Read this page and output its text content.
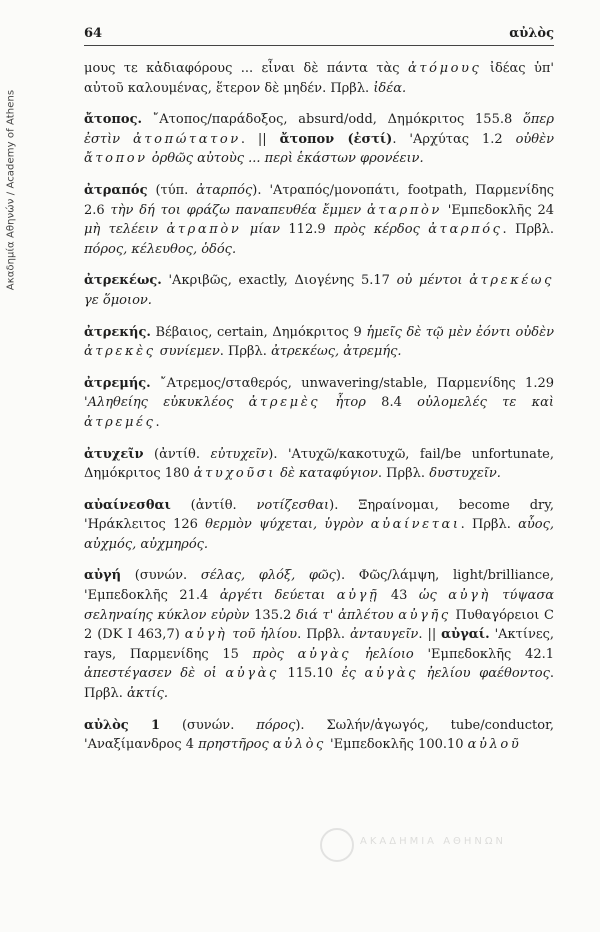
Ακαδημία Αθηνών / Academy of Athens
64	αὐλὸς

μους τε κἀδιαφόρους ... εἶναι δὲ πάντα τὰς ἀτόμους ἰδέας ὑπ' αὐτοῦ καλουμένας, ἕτερον δὲ μηδέν. Πρβλ. ἰδέα.

ἄτοπος. ῎Ατοπος/παράδοξος, absurd/odd, Δημόκριτος 155.8 ὅπερ ἐστὶν ἀτοπώτατον. || ἄτοπον (ἐστί). 'Αρχύτας 1.2 οὐθὲν ἄτοπον ὀρθῶς αὐτοὺς ... περὶ ἑκάστων φρονέειν.

ἀτραπός (τύπ. ἀταρπός). 'Ατραπός/μονοπάτι, footpath, Παρμενίδης 2.6 τὴν δή τοι φράζω παναπευθέα ἔμμεν ἀταρπὸν 'Εμπεδοκλῆς 24 μὴ τελέειν ἀτραπὸν μίαν 112.9 πρὸς κέρδος ἀταρπός. Πρβλ. πόρος, κέλευθος, ὁδός.

ἀτρεκέως. 'Ακριβῶς, exactly, Διογένης 5.17 οὐ μέντοι ἀτρεκέως γε ὅμοιον.

ἀτρεκής. Βέβαιος, certain, Δημόκριτος 9 ἡμεῖς δὲ τῷ μὲν ἐόντι οὐδὲν ἀτρεκὲς συνίεμεν. Πρβλ. ἀτρεκέως, ἀτρεμής.

ἀτρεμής. ῎Ατρεμος/σταθερός, unwavering/stable, Παρμενίδης 1.29 'Αληθείης εὐκυκλέος ἀτρεμὲς ἦτορ 8.4 οὐλομελές τε καὶ ἀτρεμές.

ἀτυχεῖν (ἀντίθ. εὐτυχεῖν). 'Ατυχῶ/κακοτυχῶ, fail/be unfortunate, Δημόκριτος 180 ἀτυχοῦσι δὲ καταφύγιον. Πρβλ. δυστυχεῖν.

αὐαίνεσθαι (ἀντίθ. νοτίζεσθαι). Ξηραίνομαι, become dry, 'Ηράκλειτος 126 θερμὸν ψύχεται, ὑγρὸν αὐαίνεται. Πρβλ. αὖος, αὐχμός, αὐχμηρός.

αὐγή (συνών. σέλας, φλόξ, φῶς). Φῶς/λάμψη, light/brilliance, 'Εμπεδοκλῆς 21.4 ἀργέτι δεύεται αὐγῇ 43 ὡς αὐγὴ τύψασα σεληναίης κύκλον εὐρὺν 135.2 διά τ' ἀπλέτου αὐγῆς Πυθαγόρειοι C 2 (DK I 463,7) αὐγὴ τοῦ ἡλίου. Πρβλ. ἀνταυγεῖν. || αὐγαί. 'Ακτίνες, rays, Παρμενίδης 15 πρὸς αὐγὰς ἠελίοιο 'Εμπεδοκλῆς 42.1 ἀπεστέγασεν δὲ οἱ αὐγὰς 115.10 ἐς αὐγὰς ἠελίου φαέθοντος. Πρβλ. ἀκτίς.

αὐλὸς 1 (συνών. πόρος). Σωλήν/ἀγωγός, tube/conductor, 'Αναξίμανδρος 4 πρηστῆρος αὐλὸς 'Εμπεδοκλῆς 100.10 αὐλοῦ

ΑΚΑΔΗΜΙΑ ΑΘΗΝΩΝ
